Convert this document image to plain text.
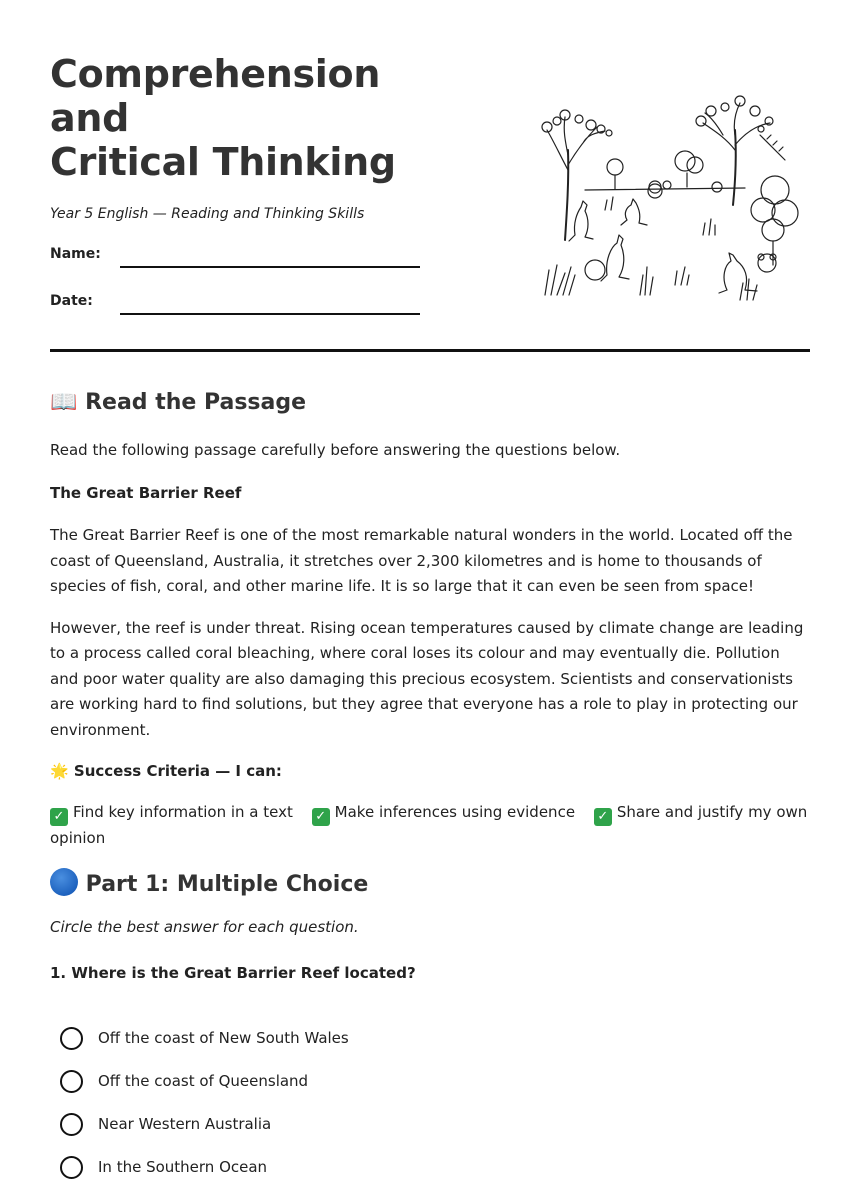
Comprehension and
Critical Thinking
Year 5 English — Reading and Thinking Skills
Name:
Date:
📖 Read the Passage

Read the following passage carefully before answering the questions below.

The Great Barrier Reef

The Great Barrier Reef is one of the most remarkable natural wonders in the world. Located off the coast of Queensland, Australia, it stretches over 2,300 kilometres and is home to thousands of species of fish, coral, and other marine life. It is so large that it can even be seen from space!

However, the reef is under threat. Rising ocean temperatures caused by climate change are leading to a process called coral bleaching, where coral loses its colour and may eventually die. Pollution and poor water quality are also damaging this precious ecosystem. Scientists and conservationists are working hard to find solutions, but they agree that everyone has a role to play in protecting our environment.

🌟 Success Criteria — I can:

✓ Find key information in a text ✓ Make inferences using evidence ✓ Share and justify my own opinion

Part 1: Multiple Choice

Circle the best answer for each question.

1. Where is the Great Barrier Reef located?

Off the coast of New South Wales
Off the coast of Queensland
Near Western Australia
In the Southern Ocean
